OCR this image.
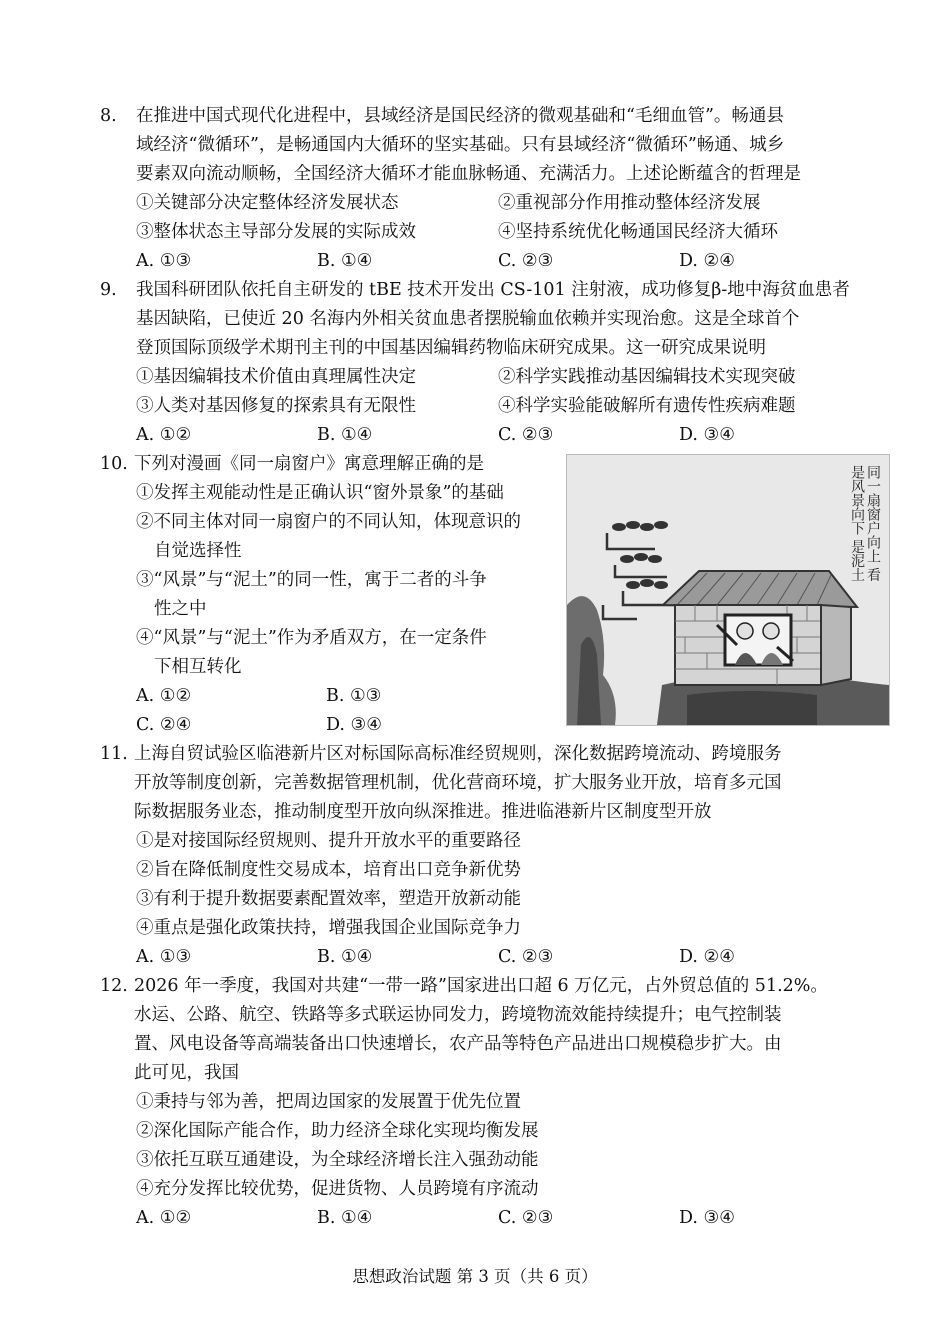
8.	在推进中国式现代化进程中，县域经济是国民经济的微观基础和“毛细血管”。畅通县
域经济“微循环”，是畅通国内大循环的坚实基础。只有县域经济“微循环”畅通、城乡
要素双向流动顺畅，全国经济大循环才能血脉畅通、充满活力。上述论断蕴含的哲理是
①关键部分决定整体经济发展状态	②重视部分作用推动整体经济发展
③整体状态主导部分发展的实际成效	④坚持系统优化畅通国民经济大循环
A. ①③	B. ①④	C. ②③	D. ②④
9.	我国科研团队依托自主研发的 tBE 技术开发出 CS-101 注射液，成功修复β-地中海贫血患者
基因缺陷，已使近 20 名海内外相关贫血患者摆脱输血依赖并实现治愈。这是全球首个
登顶国际顶级学术期刊主刊的中国基因编辑药物临床研究成果。这一研究成果说明
①基因编辑技术价值由真理属性决定	②科学实践推动基因编辑技术实现突破
③人类对基因修复的探索具有无限性	④科学实验能破解所有遗传性疾病难题
A. ①②	B. ①④	C. ②③	D. ③④
10. 下列对漫画《同一扇窗户》寓意理解正确的是
①发挥主观能动性是正确认识“窗外景象”的基础
②不同主体对同一扇窗户的不同认知，体现意识的
自觉选择性
③“风景”与“泥土”的同一性，寓于二者的斗争
性之中
④“风景”与“泥土”作为矛盾双方，在一定条件
下相互转化
A. ①②	B. ①③
C. ②④	D. ③④
同一扇窗户向上 看是风景向下 是泥土
11. 上海自贸试验区临港新片区对标国际高标准经贸规则，深化数据跨境流动、跨境服务
开放等制度创新，完善数据管理机制，优化营商环境，扩大服务业开放，培育多元国
际数据服务业态，推动制度型开放向纵深推进。推进临港新片区制度型开放
①是对接国际经贸规则、提升开放水平的重要路径
②旨在降低制度性交易成本，培育出口竞争新优势
③有利于提升数据要素配置效率，塑造开放新动能
④重点是强化政策扶持，增强我国企业国际竞争力
A. ①③	B. ①④	C. ②③	D. ②④
12. 2026 年一季度，我国对共建“一带一路”国家进出口超 6 万亿元，占外贸总值的 51.2%。
水运、公路、航空、铁路等多式联运协同发力，跨境物流效能持续提升；电气控制装
置、风电设备等高端装备出口快速增长，农产品等特色产品进出口规模稳步扩大。由
此可见，我国
①秉持与邻为善，把周边国家的发展置于优先位置
②深化国际产能合作，助力经济全球化实现均衡发展
③依托互联互通建设，为全球经济增长注入强劲动能
④充分发挥比较优势，促进货物、人员跨境有序流动
A. ①②	B. ①④	C. ②③	D. ③④
思想政治试题 第 3 页（共 6 页）
